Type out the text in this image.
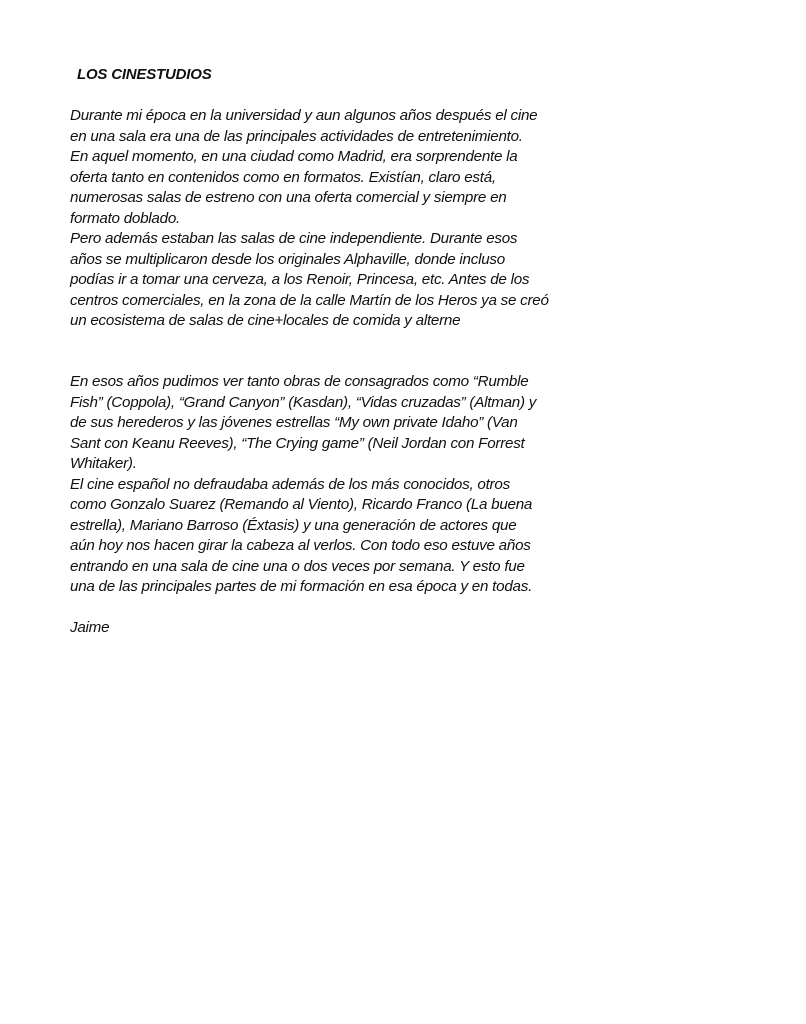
LOS CINESTUDIOS

Durante mi época en la universidad y aun algunos años después el cine
en una sala era una de las principales actividades de entretenimiento.
En aquel momento, en una ciudad como Madrid, era sorprendente la
oferta tanto en contenidos como en formatos. Existían, claro está,
numerosas salas de estreno con una oferta comercial y siempre en
formato doblado.
Pero además estaban las salas de cine independiente. Durante esos
años se multiplicaron desde los originales Alphaville, donde incluso
podías ir a tomar una cerveza, a los Renoir, Princesa, etc. Antes de los
centros comerciales, en la zona de la calle Martín de los Heros ya se creó
un ecosistema de salas de cine+locales de comida y alterne

En esos años pudimos ver tanto obras de consagrados como “Rumble
Fish” (Coppola), “Grand Canyon” (Kasdan), “Vidas cruzadas” (Altman) y
de sus herederos y las jóvenes estrellas “My own private Idaho” (Van
Sant con Keanu Reeves), “The Crying game” (Neil Jordan con Forrest
Whitaker).
El cine español no defraudaba además de los más conocidos, otros
como Gonzalo Suarez (Remando al Viento), Ricardo Franco (La buena
estrella), Mariano Barroso (Éxtasis) y una generación de actores que
aún hoy nos hacen girar la cabeza al verlos. Con todo eso estuve años
entrando en una sala de cine una o dos veces por semana. Y esto fue
una de las principales partes de mi formación en esa época y en todas.

Jaime
